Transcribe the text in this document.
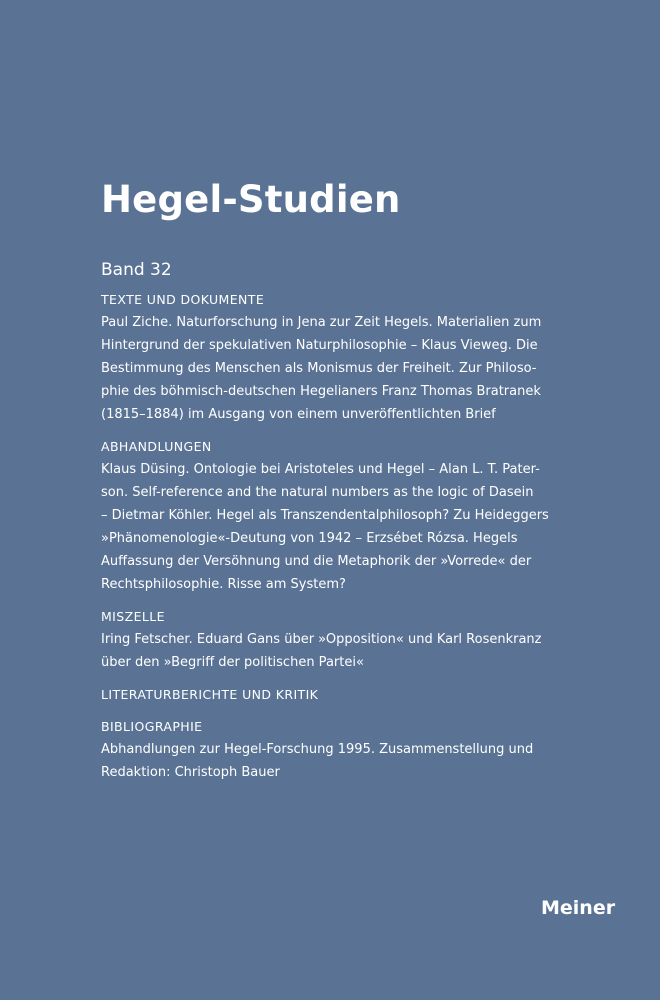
Hegel-Studien
Band 32
TEXTE UND DOKUMENTE
Paul Ziche. Naturforschung in Jena zur Zeit Hegels. Materialien zum
Hintergrund der spekulativen Naturphilosophie – Klaus Vieweg. Die
Bestimmung des Menschen als Monismus der Freiheit. Zur Philoso-
phie des böhmisch-deutschen Hegelianers Franz Thomas Bratranek
(1815–1884) im Ausgang von einem unveröffentlichten Brief
ABHANDLUNGEN
Klaus Düsing. Ontologie bei Aristoteles und Hegel – Alan L. T. Pater-
son. Self-reference and the natural numbers as the logic of Dasein
– Dietmar Köhler. Hegel als Transzendentalphilosoph? Zu Heideggers
»Phänomenologie«-Deutung von 1942 – Erzsébet Rózsa. Hegels
Auffassung der Versöhnung und die Metaphorik der »Vorrede« der
Rechtsphilosophie. Risse am System?
MISZELLE
Iring Fetscher. Eduard Gans über »Opposition« und Karl Rosenkranz
über den »Begriff der politischen Partei«
LITERATURBERICHTE UND KRITIK
BIBLIOGRAPHIE
Abhandlungen zur Hegel-Forschung 1995. Zusammenstellung und
Redaktion: Christoph Bauer
Meiner
